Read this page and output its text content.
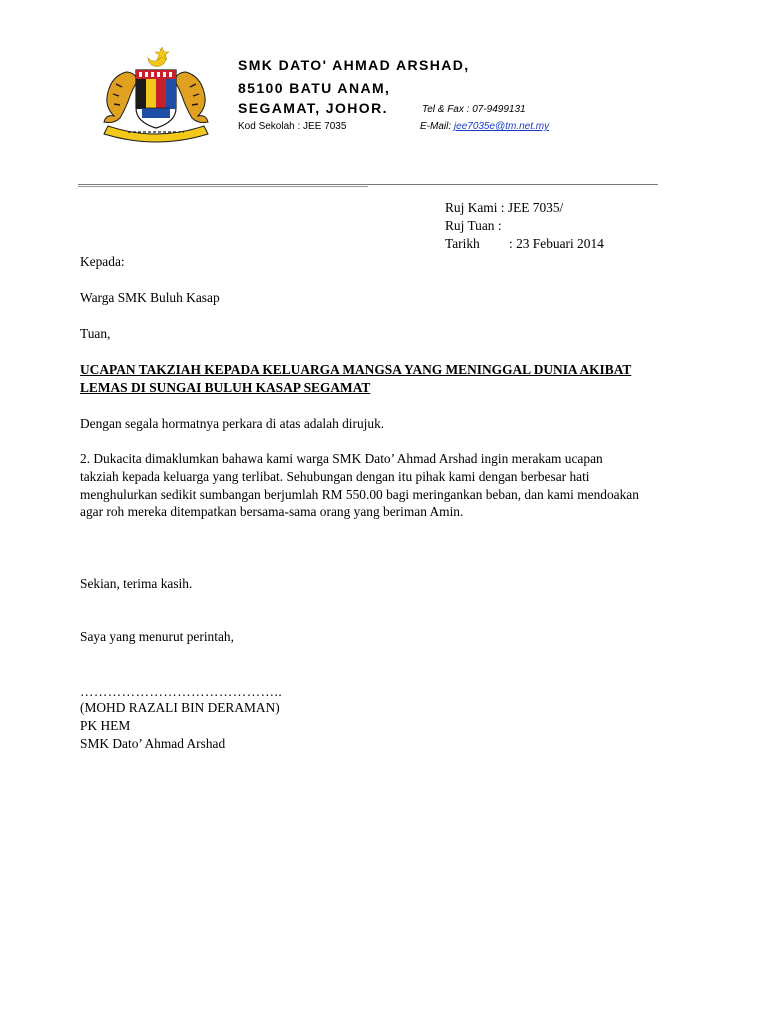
SMK DATO' AHMAD ARSHAD,
85100 BATU ANAM,
SEGAMAT, JOHOR.
Kod Sekolah : JEE 7035
Tel & Fax : 07-9499131
E-Mail: jee7035e@tm.net.my
Ruj Kami : JEE 7035/
Ruj Tuan :
Tarikh : 23 Febuari 2014
Kepada:
Warga SMK Buluh Kasap
Tuan,
UCAPAN TAKZIAH KEPADA KELUARGA MANGSA YANG MENINGGAL DUNIA AKIBAT
LEMAS DI SUNGAI BULUH KASAP SEGAMAT
Dengan segala hormatnya perkara di atas adalah dirujuk.
2. Dukacita dimaklumkan bahawa kami warga SMK Dato’ Ahmad Arshad ingin merakam ucapan
takziah kepada keluarga yang terlibat. Sehubungan dengan itu pihak kami dengan berbesar hati
menghulurkan sedikit sumbangan berjumlah RM 550.00 bagi meringankan beban, dan kami mendoakan
agar roh mereka ditempatkan bersama-sama orang yang beriman Amin.
Sekian, terima kasih.
Saya yang menurut perintah,
……………………………………..
(MOHD RAZALI BIN DERAMAN)
PK HEM
SMK Dato’ Ahmad Arshad
